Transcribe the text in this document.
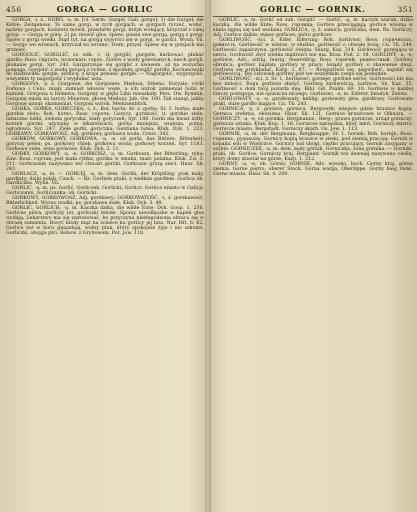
456	GORGA — GORLIC

GORGA, -i, ż., GORG, -u, m. [cf. Germ. Gurgel, Gall. gorge]; 1) die Gurgel; die Kehle; Zeitgenoss. Te same gorgi, w tych gorgach, w gorgach ryczeć, wołać, nędzny gorgach, kuśnierz mówił, przedarte gorgi, krzyk wołający, krzyczał z całej gorgi. — Gorgą w górę. 2) ps. mowić głos, śpiew: piesni swe gorgą, gorgą z gorgi; Śpiew z gorgi wielki. Stąd tyt. na gorgą wywróci się w gorgi, w garści. Wynn. Vil. — Gorgo we wronach, krzyczał na wronie; Trem. przysł. Śpiew się w gorgach mu grzmieć.

GORGOLIĆ, GORGLIĆ, cz. ndk. -i, -ił; gorglić, gurgeln; kurkować, płukać gardło; Ross. гаргать, полоскать горло. Ziołów z wody gotowanych, niech gorgli, płukanie gorgi. Syr. 243. Gargaryzuje się gorglić z kwasem, aż na wszystko pomaga. Gorgolić z wodą gorącą z octem, z miodem; gorglić gardło. Kochanowski do Radziwiłła: gorgle, sernicę, z kraju ponieść gorgle. — Nagorgolić, wygorgolić, wszystkie ty nagorgolić i wypłukać usta.

GORGONA, -y, ż. Gorgonie, die Gorgonen: Medusa, Stheno, Euryale; córki Forkosa i Ceto; miały zamiast włosów węże, a ich wzrok zamieniał ludzi w kamień. Gorgona u Homera; Gorgony w głębi Libii mieszkały. Pers. Ow. Rymnik; Gorgonę miała na tarczy Minerwa, głowę Meduzy. Jab. Ow. 100. Tak stanął, jakby Gorgonę ujrzał; skamieniał. Gorgoni wzrok, Medusenblick.

GORKA, GÓRKA, GORECZKA, -i, ż., Bot. hacta: Ar. s. gorka; Sr. 1. horka; małe gorzkie zioło; Boh. horec; Ross. горечь; Gorycz, gorzkość; it. gorzkie ziele, tabaczne listki, zielona goryczka, biały goryczek; Syr. 186. Gorki ma kwiat żółty, korzeń gorzki; używany w lekarstwach; gorka mniejsza, większa, polna, ogrodowa. Syr. 247. Ziele gorki, goryczka; Gentiana lutea; Kluk. Dyk. 1. 223. GORKAWY, GORKAWOSZ, Adj. gorkawy, gorkawa woda. Cresc. 342.

GORKÓW, GORKOWY, GORKOWA, -a, -e, od gorki, das Bittere, Bitterkeit; goryczy pełen; ps. gorkowy chleb, gorkowa woda; gorkowy korzeń. Syr. 1183. Gorkowe ziele, wino gorkowe. Kluk. Dyk. 2. 11.

GORKY, GÓRKOWY, -a, -e; GORKOSZ, -a, m. Gorkoszu, der Bitterling; ryba; Zaw. Ross. горчак; jest mała rybka, gorzka w smaku, mało jadalna. Kluk. Zw. 3. 211. Gorkoszem nazywano też chwast gorzki. Gorkosze gryzą sieci. Haur. Sk. 243.

GORLACZ, -a, m. — GORLEJ, -a, m. dem. Gorlik, der Kröpfling; ptak mały, gardłaty; dziki gołąb. Czack. — Rz. Gorliste ptaki, z wielkim gardłem. Gorlica ob. Gardliczka. Wynn. Vil.

GORLIC, -a, m. ps. Gorlić, Gorliczek, Gorlicki; Gorlicz. Gorlice miasto w Galicji; Gorliczanin, Gorliczanka. ob. Gorlicki.

GORKOWY, GORKOWOSZ, Adj. gorzkawy; GORKOWATOŚĆ, -i, ż. gorzkawość, Bitterlichkeit. Wyraz rzadki; ps. gorzkawe ziele. Kluk. Dyk. 3. 49.

GORLIC, GORLICH, -a, m. Kaczka dzika, die wilde Ente; Dyk. Gosp. 1. 236. Gorlicze pióra, gorliczy lot, gorliczki młode. Spoiny nieodłączne w kapeli głos wydają. Lekarstwo ma się zastosować, bo przyczyna niezłagodzona obraca się w obrazę sumienia. Dosyć kiedy mąż na ścieżce ku gorlicy jej lata. Nar. Hft. 6. 62. Gorlice też w boru gniazdują, wolny ptak, który spokojnie żyje i nie szkodzi. Gorliczki, obojga płci. Bohow. z Grybowem. Pot. Jow. 118.

GORLIC — GORNIK.	351

GORLIC, -a, m. Gorlić od sub. Gorglić. — Gorlić, -ą, m. kaczyk szarak, dzika kaczka, die wilde Ente; Ross. горлица; Gorlice przeciągają; gorlice wiosną w stada lęgną się nad wodami; GORLICA, -y, ż. samica; gorliczka, dem. Rz. Gorliczy, Adj. Gorlice dzikie; mięso gorlicze; pióro gorlicze.

GORLIWOŚĆ, -ści, ż. Eifer, Eiferung; Boh. horlivost; Ross. горячность, ревность. Gorliwość w wierze, w służbie; gorliwość o chwałę bożą; Cn. Th. 244. Gorliwość zapalczywa, gorliwość święta. Skarg. Kaz. 314. Gorliwość gorzejąca w sercu. Gorliwość zbyt wielka mądrości nie ma. Kras. Pod. 2. 18. GORLIWY, -a, -e; gorliwie, Adv.; eifrig, feurig, feuereifrig; Ross. горячій, ревностный. Gorliwy obrońca; gorliwy kapłan; gorliwy w pracy; ksiądz gorliwy o zbawienie dusz. Gorliwie się przykładać. Karp. 2. 87. — Rozgorliwić się, zagorliwić, zapalić się gorliwością. Ten człowiek gorliwy jest we wszystkim czego się podejmie.

GORLIWOŚĆ, -ści, ż. Sr. 1. horliwosć; gorzeje; gorliwe serce; Gorliwości nie ma bez miłości. Bogu gorliwie służyć. Gorliwą żarliwością, żarliwie. Sk. Kaz. 25. Gorliwość o dom twój pożarła mię. Bibl. Gd. Psalm. 69. 10. Gorliwie w każdej rzeczy postępuje, nie opuszcza niczego. Gorliwiec, -a, m. Eiferer, fanatyk. Zelota.

GORLOWATY, -a, -e, gardłowaty, kehlig; gorlowaty głos, gardłowy. Gorlowate ptaki, duże gardło mające. Cn. Th. 243.

GORNICA, -y, ż. gornice, górnica, Bergwerk; miejsce gdzie kruszce kopią. Gornica srebrna, ołowiana. Haur. Sk. 121. Gornice kruszcowe w Olkuszu. — GORNICZY, -a, -e, od górnika, Bergmanns-, Berg-; prawo gornicze, urząd górniczy; gornicza sztuka. Kluk. Kop. 1. 16. Gornicze narzędzia, kilof, młot. Gorniczy mistrz; Gornicze miasto, Bergstadt. Gorniczy skarb. Os. Jow. 1. 113.

GORNIK, -a, m. der Bergmann, Bergknappe; Sr. 1. hornik; Boh. hornjk; Ross. горнякъ, рудокопъ. Gornicy kopią kruszce w ziemi, pod ziemią pracują. Gornik w kopalni soli w Wieliczce. Gornicy lud ubogi, ciężko pracujący. Gornik zasypany w szybie. GORNICZEK, -a, m. dem. mały górnik. Gorniczka, żona górnika. — Gorniki, ptaki, ob. Gorlice. Gorniczy kraj, Bergland. Gornik też dawniej nazywano cieślę, który domy stawiał na górze; Karp. 1. 212.

GORNY, -a, -e, ob. Górny; GORNIE, Adv. wysoko, hoch. Gorny kraj, górna ziemia. Gorne piętro, oberer Stock. Gorna warga, Oberlippe. Gorny bieg rzeki. Gorne miasto. Haur. Sk. 4. 200.
